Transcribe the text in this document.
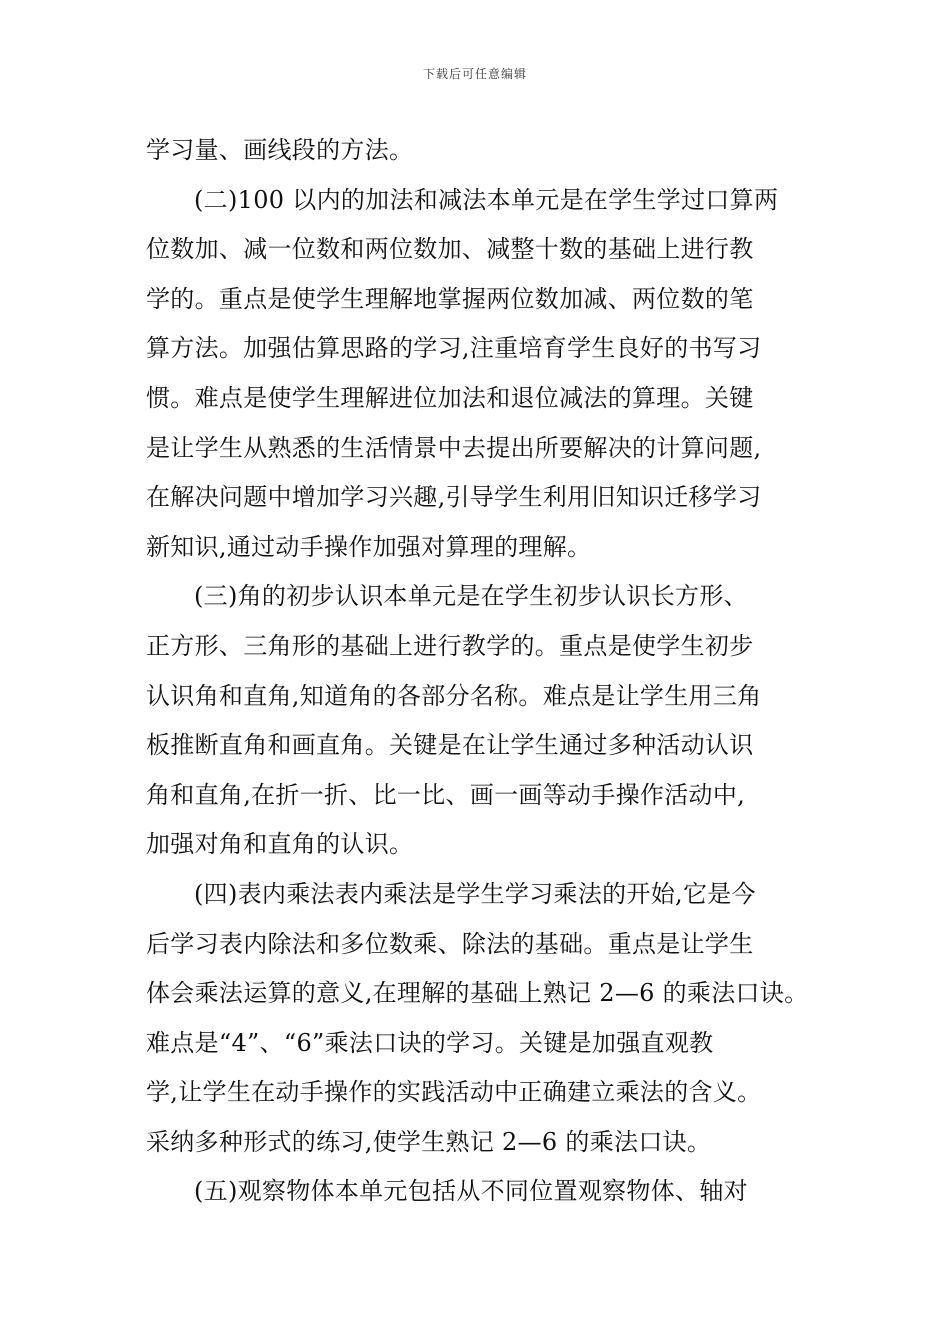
下载后可任意编辑
学习量、画线段的方法。
(二)100 以内的加法和减法本单元是在学生学过口算两
位数加、减一位数和两位数加、减整十数的基础上进行教
学的。重点是使学生理解地掌握两位数加减、两位数的笔
算方法。加强估算思路的学习,注重培育学生良好的书写习
惯。难点是使学生理解进位加法和退位减法的算理。关键
是让学生从熟悉的生活情景中去提出所要解决的计算问题,
在解决问题中增加学习兴趣,引导学生利用旧知识迁移学习
新知识,通过动手操作加强对算理的理解。
(三)角的初步认识本单元是在学生初步认识长方形、
正方形、三角形的基础上进行教学的。重点是使学生初步
认识角和直角,知道角的各部分名称。难点是让学生用三角
板推断直角和画直角。关键是在让学生通过多种活动认识
角和直角,在折一折、比一比、画一画等动手操作活动中,
加强对角和直角的认识。
(四)表内乘法表内乘法是学生学习乘法的开始,它是今
后学习表内除法和多位数乘、除法的基础。重点是让学生
体会乘法运算的意义,在理解的基础上熟记 2—6 的乘法口诀。
难点是“4”、“6”乘法口诀的学习。关键是加强直观教
学,让学生在动手操作的实践活动中正确建立乘法的含义。
采纳多种形式的练习,使学生熟记 2—6 的乘法口诀。
(五)观察物体本单元包括从不同位置观察物体、轴对
